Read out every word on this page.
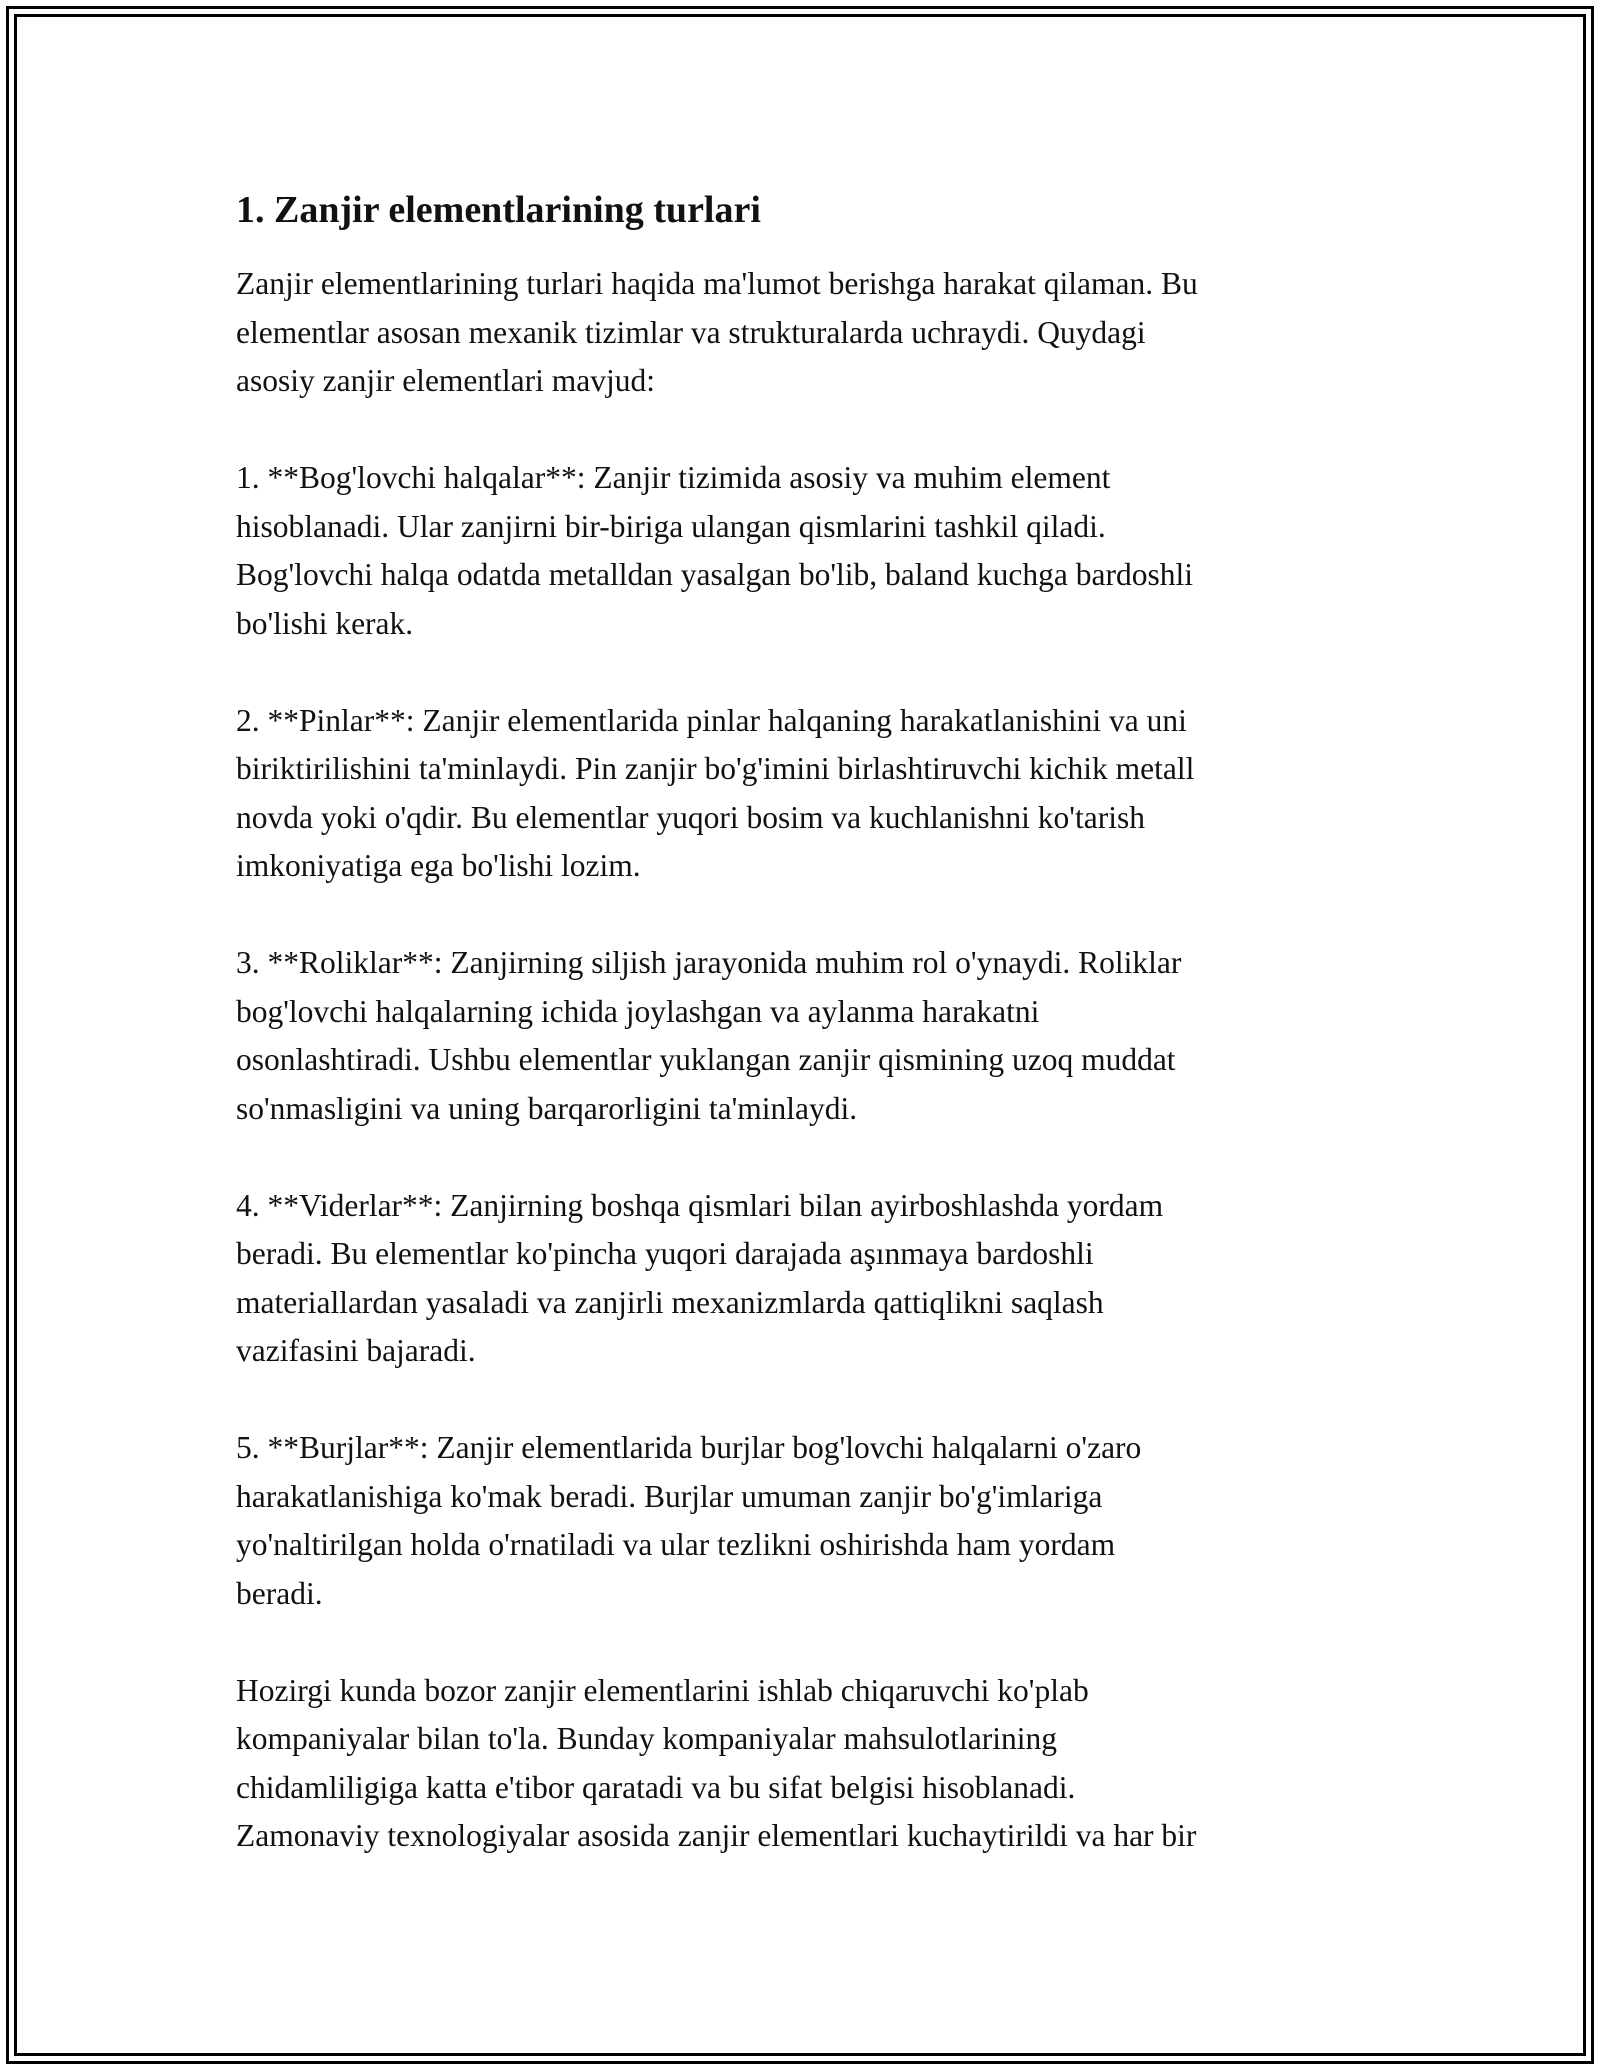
1. Zanjir elementlarining turlari

Zanjir elementlarining turlari haqida ma'lumot berishga harakat qilaman. Bu
elementlar asosan mexanik tizimlar va strukturalarda uchraydi. Quydagi
asosiy zanjir elementlari mavjud:

1. **Bog'lovchi halqalar**: Zanjir tizimida asosiy va muhim element
hisoblanadi. Ular zanjirni bir-biriga ulangan qismlarini tashkil qiladi.
Bog'lovchi halqa odatda metalldan yasalgan bo'lib, baland kuchga bardoshli
bo'lishi kerak.

2. **Pinlar**: Zanjir elementlarida pinlar halqaning harakatlanishini va uni
biriktirilishini ta'minlaydi. Pin zanjir bo'g'imini birlashtiruvchi kichik metall
novda yoki o'qdir. Bu elementlar yuqori bosim va kuchlanishni ko'tarish
imkoniyatiga ega bo'lishi lozim.

3. **Roliklar**: Zanjirning siljish jarayonida muhim rol o'ynaydi. Roliklar
bog'lovchi halqalarning ichida joylashgan va aylanma harakatni
osonlashtiradi. Ushbu elementlar yuklangan zanjir qismining uzoq muddat
so'nmasligini va uning barqarorligini ta'minlaydi.

4. **Viderlar**: Zanjirning boshqa qismlari bilan ayirboshlashda yordam
beradi. Bu elementlar ko'pincha yuqori darajada aşınmaya bardoshli
materiallardan yasaladi va zanjirli mexanizmlarda qattiqlikni saqlash
vazifasini bajaradi.

5. **Burjlar**: Zanjir elementlarida burjlar bog'lovchi halqalarni o'zaro
harakatlanishiga ko'mak beradi. Burjlar umuman zanjir bo'g'imlariga
yo'naltirilgan holda o'rnatiladi va ular tezlikni oshirishda ham yordam
beradi.

Hozirgi kunda bozor zanjir elementlarini ishlab chiqaruvchi ko'plab
kompaniyalar bilan to'la. Bunday kompaniyalar mahsulotlarining
chidamliligiga katta e'tibor qaratadi va bu sifat belgisi hisoblanadi.
Zamonaviy texnologiyalar asosida zanjir elementlari kuchaytirildi va har bir
